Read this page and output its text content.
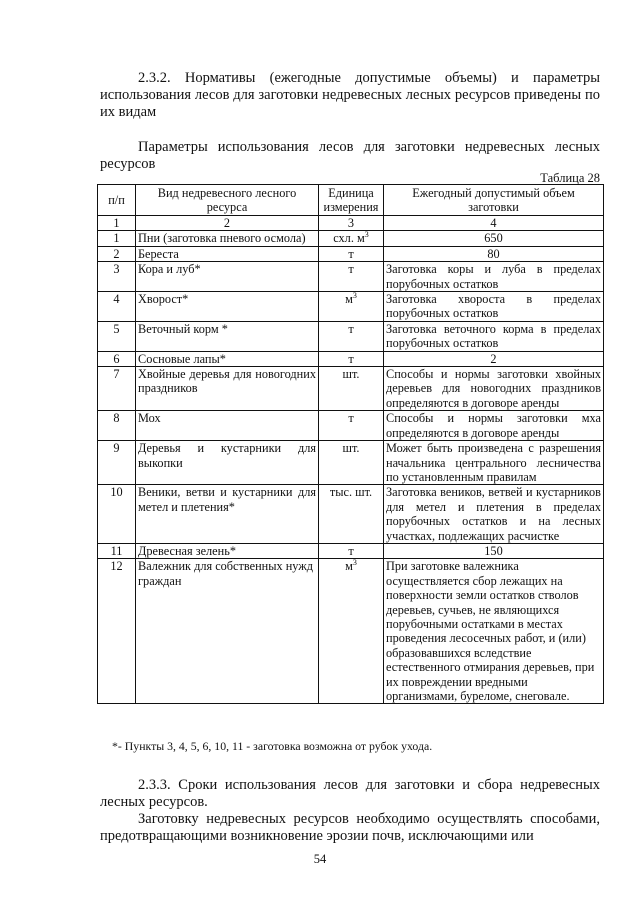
2.3.2. Нормативы (ежегодные допустимые объемы) и параметры использования лесов для заготовки недревесных лесных ресурсов приведены по их видам
Параметры использования лесов для заготовки недревесных лесных ресурсов
Таблица 28
п/п	Вид недревесного лесного ресурса	Единица измерения	Ежегодный допустимый объем заготовки
1	2	3	4
1	Пни (заготовка пневого осмола)	схл. $м^3$	650
2	Береста	т	80
3	Кора и луб*	т	Заготовка коры и луба в пределах порубочных остатков
4	Хворост*	$м^3$	Заготовка хвороста в пределах порубочных остатков
5	Веточный корм *	т	Заготовка веточного корма в пределах порубочных остатков
6	Сосновые лапы*	т	2
7	Хвойные деревья для новогодних праздников	шт.	Способы и нормы заготовки хвойных деревьев для новогодних праздников определяются в договоре аренды
8	Мох	т	Способы и нормы заготовки мха определяются в договоре аренды
9	Деревья и кустарники для выкопки	шт.	Может быть произведена с разрешения начальника центрального лесничества по установленным правилам
10	Веники, ветви и кустарники для метел и плетения*	тыс. шт.	Заготовка веников, ветвей и кустарников для метел и плетения в пределах порубочных остатков и на лесных участках, подлежащих расчистке
11	Древесная зелень*	т	150
12	Валежник для собственных нужд граждан	$м^3$	При заготовке валежника осуществляется сбор лежащих на поверхности земли остатков стволов деревьев, сучьев, не являющихся порубочными остатками в местах проведения лесосечных работ, и (или) образовавшихся вследствие естественного отмирания деревьев, при их повреждении вредными организмами, буреломе, снеговале.
*- Пункты 3, 4, 5, 6, 10, 11 - заготовка возможна от рубок ухода.
2.3.3. Сроки использования лесов для заготовки и сбора недревесных лесных ресурсов.
Заготовку недревесных ресурсов необходимо осуществлять способами, предотвращающими возникновение эрозии почв, исключающими или
54
